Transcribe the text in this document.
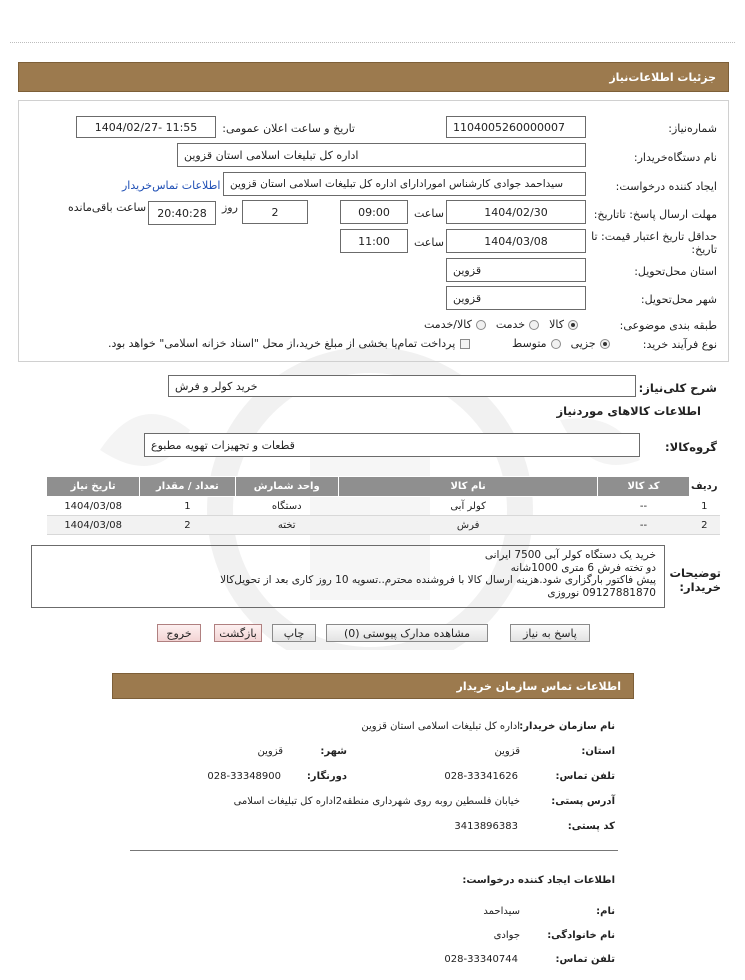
جزئیات اطلاعات‌نیاز
شماره‌نیاز:
1104005260000007
تاریخ و ساعت اعلان عمومی:
1404/02/27- 11:55
نام دستگاه‌خریدار:
اداره کل تبلیغات اسلامی استان قزوین
ایجاد کننده درخواست:
سیداحمد جوادی کارشناس امورادارای اداره کل تبلیغات اسلامی استان قزوین
اطلاعات تماس‌خریدار
مهلت ارسال پاسخ: تاتاریخ:
1404/02/30
ساعت
09:00
2
روز
20:40:28
ساعت باقی‌مانده
حداقل تاریخ اعتبار قیمت: تا تاریخ:
1404/03/08
ساعت
11:00
استان محل‌تحویل:
قزوین
شهر محل‌تحویل:
قزوین
طبقه بندی موضوعی:
کالا
خدمت
کالا/خدمت
نوع فرآیند خرید:
جزیی
متوسط
پرداخت تمام‌یا بخشی از مبلغ خرید،از محل "اسناد خزانه اسلامی" خواهد بود.
شرح کلی‌نیاز:
خرید کولر و فرش
اطلاعات کالاهای موردنیاز
گروه‌کالا:
قطعات و تجهیزات تهویه مطبوع
ردیف	کد کالا	نام کالا	واحد شمارش	تعداد / مقدار	تاریخ نیاز
1	--	کولر آبی	دستگاه	1	1404/03/08
2	--	فرش	تخته	2	1404/03/08
توضیحات خریدار:
خرید یک دستگاه کولر آبی 7500 ایرانی
دو تخته فرش 6 متری 1000شانه
پیش فاکتور بارگزاری شود.هزینه ارسال کالا با فروشنده محترم..تسویه 10 روز کاری بعد از تحویل‌کالا
09127881870 نوروزی
پاسخ به نیاز
مشاهده مدارک پیوستی (0)
چاپ
بازگشت
خروج
اطلاعات تماس سازمان خریدار
نام سازمان خریدار:
اداره کل تبلیغات اسلامی استان قزوین
استان:
قزوین
شهر:
قزوین
تلفن تماس:
028-33341626
دورنگار:
028-33348900
آدرس پستی:
خیابان فلسطین روبه روی شهرداری منطقه2اداره کل تبلیغات اسلامی
کد پستی:
3413896383
اطلاعات ایجاد کننده درخواست:
نام:
سیداحمد
نام خانوادگی:
جوادی
تلفن تماس:
028-33340744
